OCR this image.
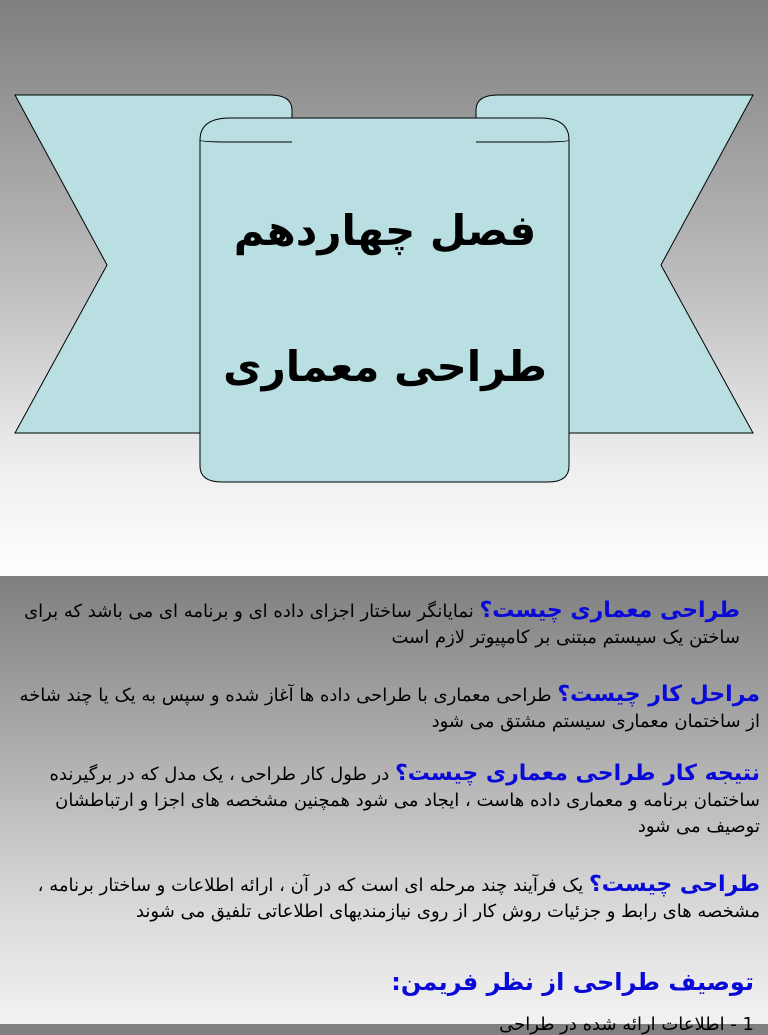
فصل چهاردهم

طراحی معماری

طراحی معماری چیست؟ نمایانگر ساختار اجزای داده ای و برنامه ای می باشد که برای ساختن یک سیستم مبتنی بر کامپیوتر لازم است

مراحل کار چیست؟ طراحی معماری با طراحی داده ها آغاز شده و سپس به یک یا چند شاخه از ساختمان معماری سیستم مشتق می شود

نتیجه کار طراحی معماری چیست؟ در طول کار طراحی ، یک مدل که در برگیرنده ساختمان برنامه و معماری داده هاست ، ایجاد می شود همچنین مشخصه های اجزا و ارتباطشان توصیف می شود

طراحی چیست؟ یک فرآیند چند مرحله ای است که در آن ، ارائه اطلاعات و ساختار برنامه ، مشخصه های رابط و جزئیات روش کار از روی نیازمندیهای اطلاعاتی تلفیق می شوند

توصیف طراحی از نظر فریمن:

1 - اطلاعات ارائه شده در طراحی
